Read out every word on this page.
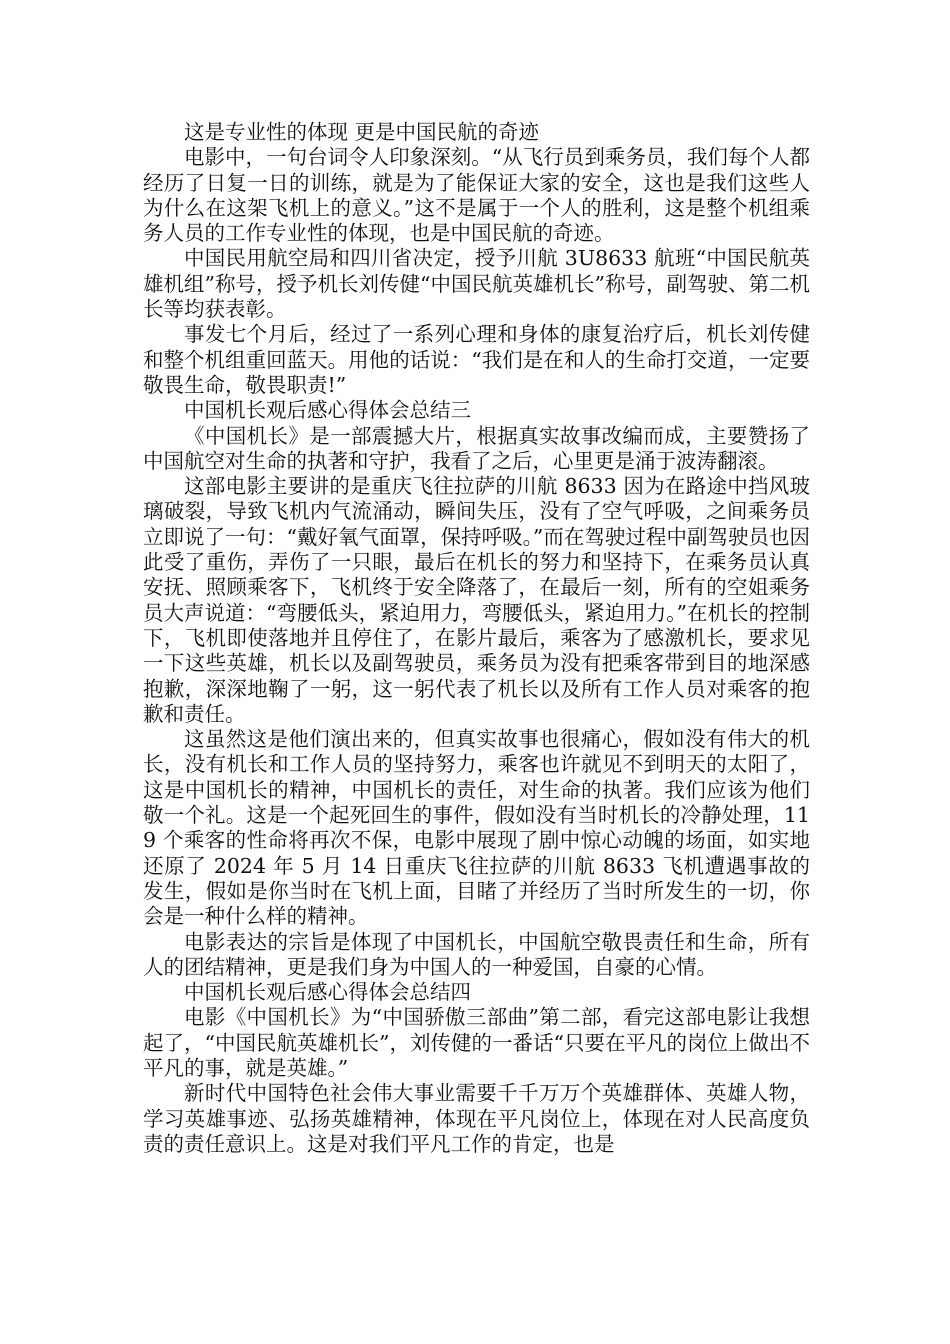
这是专业性的体现 更是中国民航的奇迹

电影中，一句台词令人印象深刻。“从飞行员到乘务员，我们每个人都经历了日复一日的训练，就是为了能保证大家的安全，这也是我们这些人为什么在这架飞机上的意义。”这不是属于一个人的胜利，这是整个机组乘务人员的工作专业性的体现，也是中国民航的奇迹。

中国民用航空局和四川省决定，授予川航 3U8633 航班“中国民航英雄机组”称号，授予机长刘传健“中国民航英雄机长”称号，副驾驶、第二机长等均获表彰。

事发七个月后，经过了一系列心理和身体的康复治疗后，机长刘传健和整个机组重回蓝天。用他的话说：“我们是在和人的生命打交道，一定要敬畏生命，敬畏职责!”

中国机长观后感心得体会总结三

《中国机长》是一部震撼大片，根据真实故事改编而成，主要赞扬了中国航空对生命的执著和守护，我看了之后，心里更是涌于波涛翻滚。

这部电影主要讲的是重庆飞往拉萨的川航 8633 因为在路途中挡风玻璃破裂，导致飞机内气流涌动，瞬间失压，没有了空气呼吸，之间乘务员立即说了一句：“戴好氧气面罩，保持呼吸。”而在驾驶过程中副驾驶员也因此受了重伤，弄伤了一只眼，最后在机长的努力和坚持下，在乘务员认真安抚、照顾乘客下，飞机终于安全降落了，在最后一刻，所有的空姐乘务员大声说道：“弯腰低头，紧迫用力，弯腰低头，紧迫用力。”在机长的控制下，飞机即使落地并且停住了，在影片最后，乘客为了感激机长，要求见一下这些英雄，机长以及副驾驶员，乘务员为没有把乘客带到目的地深感抱歉，深深地鞠了一躬，这一躬代表了机长以及所有工作人员对乘客的抱歉和责任。

这虽然这是他们演出来的，但真实故事也很痛心，假如没有伟大的机长，没有机长和工作人员的坚持努力，乘客也许就见不到明天的太阳了，这是中国机长的精神，中国机长的责任，对生命的执著。我们应该为他们敬一个礼。这是一个起死回生的事件，假如没有当时机长的冷静处理，119 个乘客的性命将再次不保，电影中展现了剧中惊心动魄的场面，如实地还原了 2024 年 5 月 14 日重庆飞往拉萨的川航 8633 飞机遭遇事故的发生，假如是你当时在飞机上面，目睹了并经历了当时所发生的一切，你会是一种什么样的精神。

电影表达的宗旨是体现了中国机长，中国航空敬畏责任和生命，所有人的团结精神，更是我们身为中国人的一种爱国，自豪的心情。

中国机长观后感心得体会总结四

电影《中国机长》为“中国骄傲三部曲”第二部，看完这部电影让我想起了，“中国民航英雄机长”，刘传健的一番话“只要在平凡的岗位上做出不平凡的事，就是英雄。”

新时代中国特色社会伟大事业需要千千万万个英雄群体、英雄人物，学习英雄事迹、弘扬英雄精神，体现在平凡岗位上，体现在对人民高度负责的责任意识上。这是对我们平凡工作的肯定，也是
